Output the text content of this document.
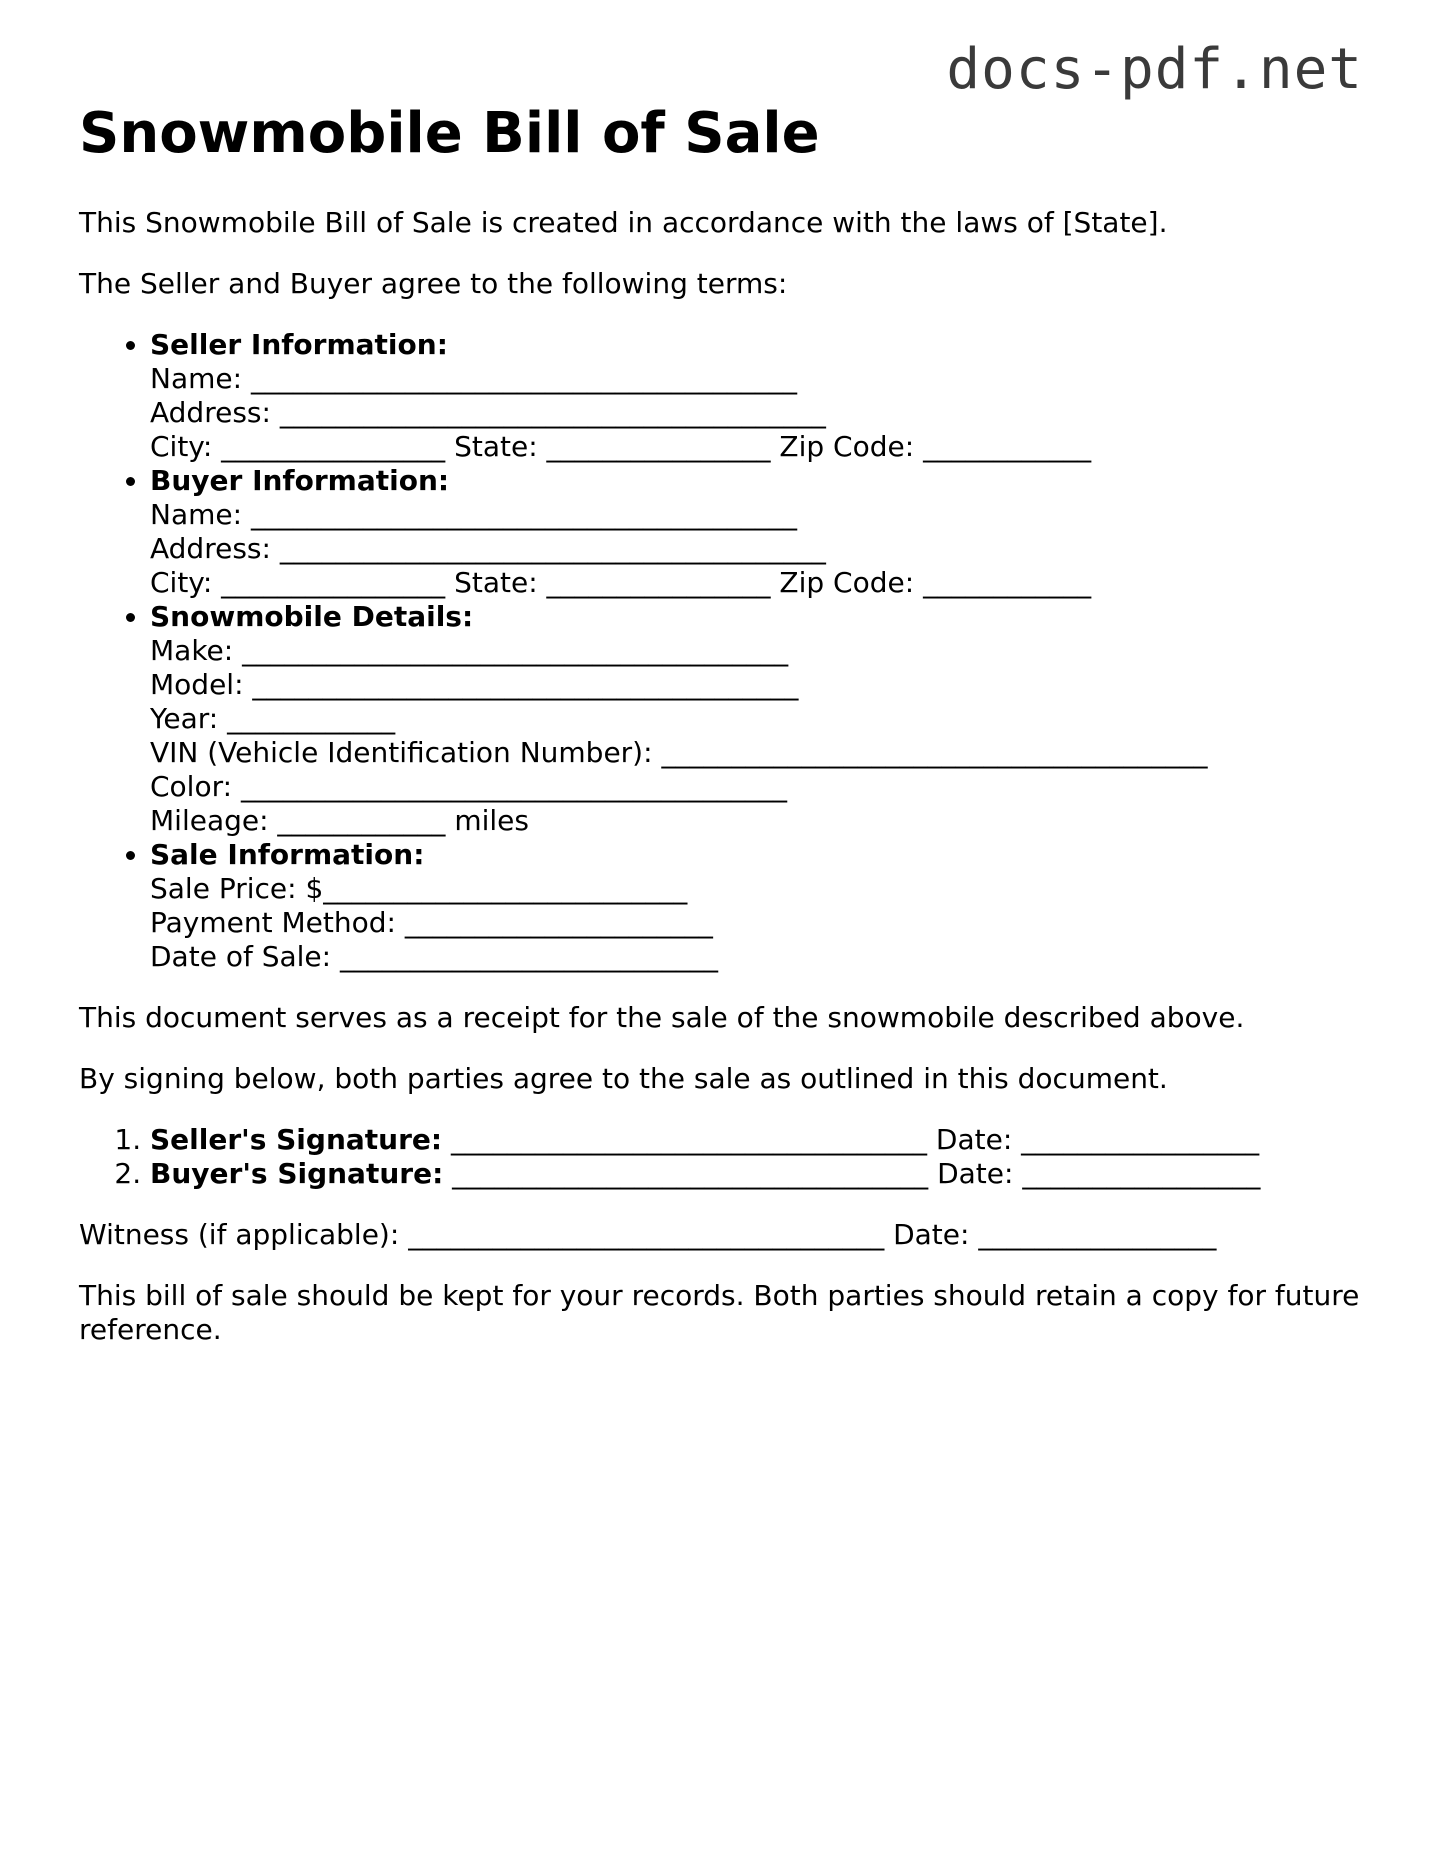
docs-pdf.net
Snowmobile Bill of Sale

This Snowmobile Bill of Sale is created in accordance with the laws of [State].

The Seller and Buyer agree to the following terms:

• Seller Information:
Name: _______________________________________
Address: _______________________________________
City: ________________ State: ________________ Zip Code: ____________
• Buyer Information:
Name: _______________________________________
Address: _______________________________________
City: ________________ State: ________________ Zip Code: ____________
• Snowmobile Details:
Make: _______________________________________
Model: _______________________________________
Year: ____________
VIN (Vehicle Identification Number): _______________________________________
Color: _______________________________________
Mileage: ____________ miles
• Sale Information:
Sale Price: $__________________________
Payment Method: ______________________
Date of Sale: ___________________________

This document serves as a receipt for the sale of the snowmobile described above.

By signing below, both parties agree to the sale as outlined in this document.

1. Seller's Signature: __________________________________ Date: _________________
2. Buyer's Signature: __________________________________ Date: _________________

Witness (if applicable): __________________________________ Date: _________________

This bill of sale should be kept for your records. Both parties should retain a copy for future reference.
